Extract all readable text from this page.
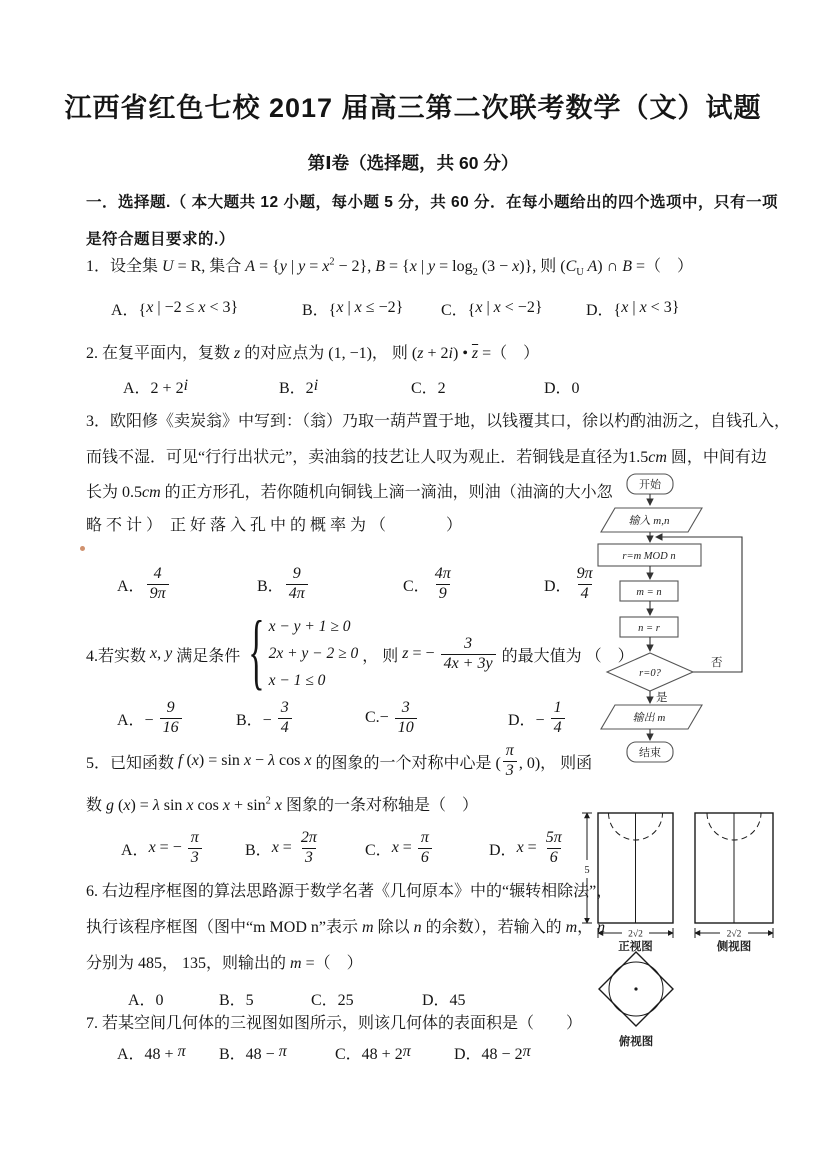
江西省红色七校 2017 届高三第二次联考数学（文）试题
第Ⅰ卷（选择题，共 60 分）
一．选择题.（ 本大题共 12 小题，每小题 5 分，共 60 分．在每小题给出的四个选项中，只有一项
是符合题目要求的.）
1．设全集 U = R, 集合 A = {y | $y = x^2 - 2$}, B = {x | $y = \log_2 (3 - x)$}, 则 ($C_U$ A) ∩ B =（　）
A．{ x | −2 ≤ x < 3}	B．{ x | x ≤ −2} C．{ x | x < −2}	D．{ x | x < 3}
2. 在复平面内，复数 z 的对应点为 (1, −1)， 则 (z + 2i) • $\overline{z}$ =（　）
A．2 + 2 i	B．2 i	C．2	D．0
3．欧阳修《卖炭翁》中写到：（翁）乃取一葫芦置于地，以钱覆其口，徐以杓酌油沥之，自钱孔入，
而钱不湿．可见“行行出状元”，卖油翁的技艺让人叹为观止．若铜钱是直径为1.5cm 圆，中间有边
长为 0.5cm 的正方形孔，若你随机向铜钱上滴一滴油，则油（油滴的大小忽
略 不 计 ）  正 好 落 入 孔 中 的 概 率 为 （               ）
A． $\frac{4}{9\pi}$	B． $\frac{9}{4\pi}$	C． $\frac{4\pi}{9}$	D． $\frac{9\pi}{4}$
4.若实数 x , y 满足条件 { x − y + 1 ≥ 0
2x + y − 2 ≥ 0
x − 1 ≤ 0
， 则 z = − $\frac{3}{4x + 3y}$ 的最大值为 （　）
A．− $\frac{9}{16}$	B．− $\frac{3}{4}$	$C.- \frac{3}{10}$	D．− $\frac{1}{4}$
5．已知函数 f ( x ) = sin x − λ cos x 的图象的一个对称中心是 ( $\frac{\pi}{3}$ , 0)， 则函
数 g (x) = λ sin x $\cos x + \sin^2 x$ 图象的一条对称轴是（　）
A． x = − $\frac{\pi}{3}$	B． $x = \frac{2\pi}{3}$	C． $x = \frac{\pi}{6}$	D． $x = \frac{5\pi}{6}$
6. 右边程序框图的算法思路源于数学名著《几何原本》中的“辗转相除法”，
执行该程序框图（图中“m MOD n”表示 m 除以 n 的余数），若输入的 m， n
分别为 485， 135，则输出的 m =（　）
A．0	B．5	C．25	D．45
7. 若某空间几何体的三视图如图所示，则该几何体的表面积是（　　）
A．48 + π B．48 − π	C．48 + 2 π	D．48 − 2 π
开始
输入 m,n
r=m MOD n
m = n
n = r
r=0?
否
是
输出 m
结束
5
2√2
正视图
2√2
侧视图
俯视图
